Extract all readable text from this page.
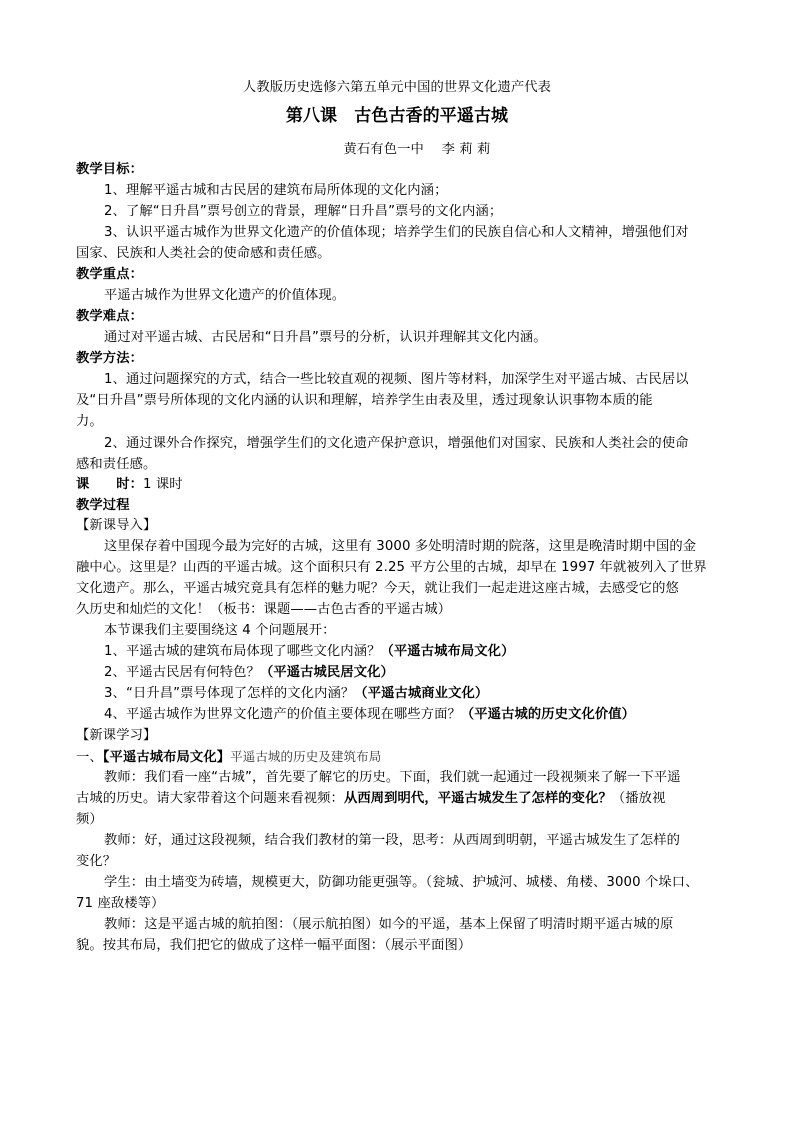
人教版历史选修六第五单元中国的世界文化遗产代表
第八课　古色古香的平遥古城
黄石有色一中　 李 莉 莉
教学目标：
1、理解平遥古城和古民居的建筑布局所体现的文化内涵；
2、了解“日升昌”票号创立的背景，理解“日升昌”票号的文化内涵；
3、认识平遥古城作为世界文化遗产的价值体现；培养学生们的民族自信心和人文精神，增强他们对
国家、民族和人类社会的使命感和责任感。
教学重点：
平遥古城作为世界文化遗产的价值体现。
教学难点：
通过对平遥古城、古民居和“日升昌”票号的分析，认识并理解其文化内涵。
教学方法：
1、通过问题探究的方式，结合一些比较直观的视频、图片等材料，加深学生对平遥古城、古民居以
及“日升昌”票号所体现的文化内涵的认识和理解，培养学生由表及里，透过现象认识事物本质的能
力。
2、通过课外合作探究，增强学生们的文化遗产保护意识，增强他们对国家、民族和人类社会的使命
感和责任感。
课　　时：1 课时
教学过程
【新课导入】
这里保存着中国现今最为完好的古城，这里有 3000 多处明清时期的院落，这里是晚清时期中国的金
融中心。这里是？山西的平遥古城。这个面积只有 2.25 平方公里的古城，却早在 1997 年就被列入了世界
文化遗产。那么，平遥古城究竟具有怎样的魅力呢？今天，就让我们一起走进这座古城，去感受它的悠
久历史和灿烂的文化！（板书：课题——古色古香的平遥古城）
本节课我们主要围绕这 4 个问题展开：
1、平遥古城的建筑布局体现了哪些文化内涵？（平遥古城布局文化）
2、平遥古民居有何特色？（平遥古城民居文化）
3、“日升昌”票号体现了怎样的文化内涵？（平遥古城商业文化）
4、平遥古城作为世界文化遗产的价值主要体现在哪些方面？（平遥古城的历史文化价值）
【新课学习】
一、【平遥古城布局文化】平遥古城的历史及建筑布局
教师：我们看一座“古城”，首先要了解它的历史。下面，我们就一起通过一段视频来了解一下平遥
古城的历史。请大家带着这个问题来看视频：从西周到明代，平遥古城发生了怎样的变化？（播放视
频）
教师：好，通过这段视频，结合我们教材的第一段，思考：从西周到明朝，平遥古城发生了怎样的
变化？
学生：由土墙变为砖墙，规模更大，防御功能更强等。（瓮城、护城河、城楼、角楼、3000 个垛口、
71 座敌楼等）
教师：这是平遥古城的航拍图：（展示航拍图）如今的平遥，基本上保留了明清时期平遥古城的原
貌。按其布局，我们把它的做成了这样一幅平面图：（展示平面图）
